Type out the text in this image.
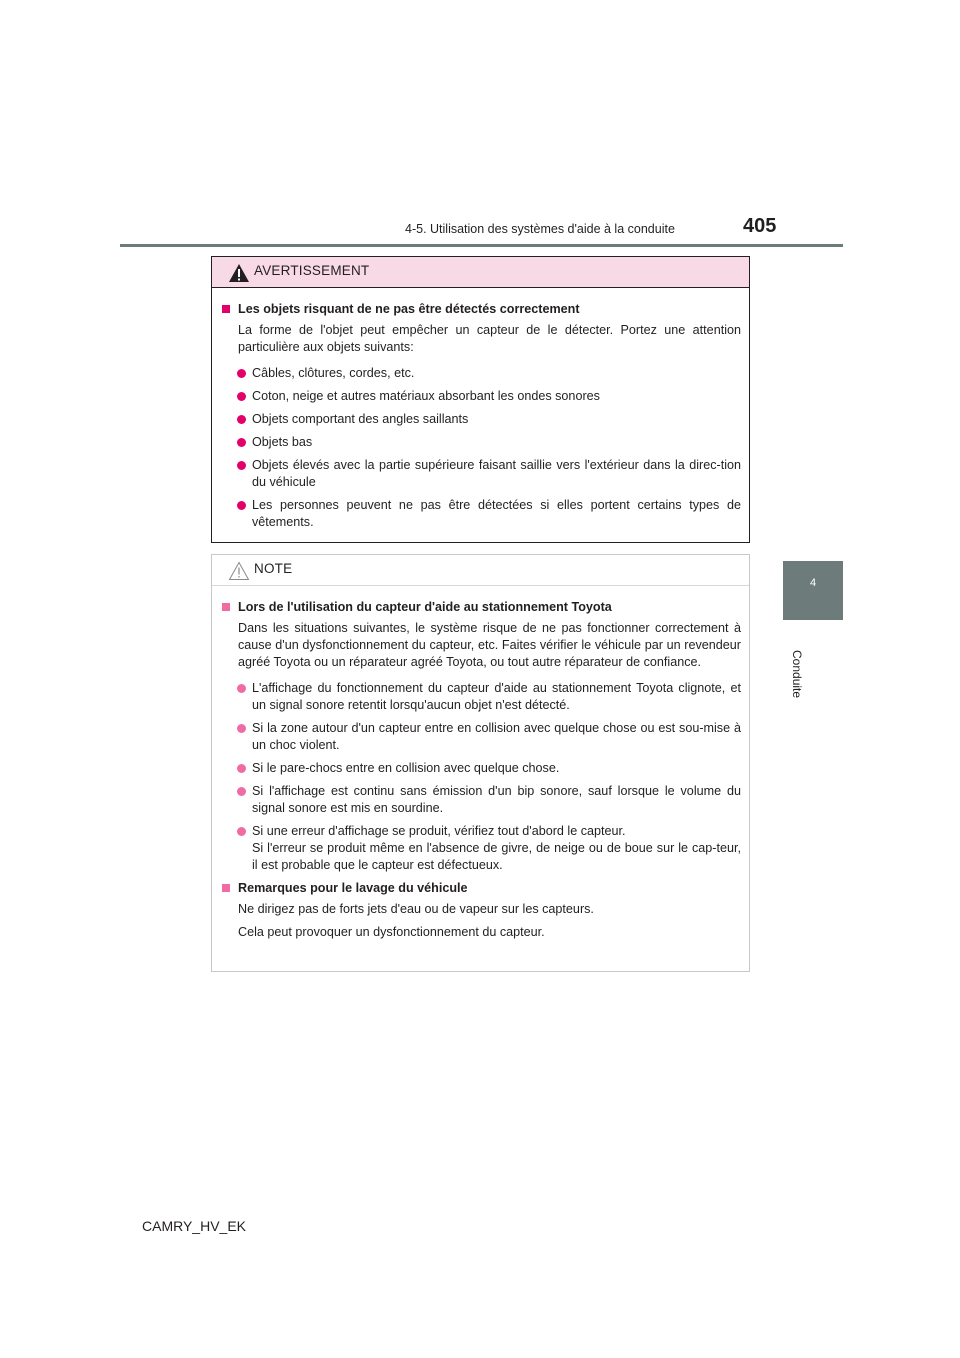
4-5. Utilisation des systèmes d'aide à la conduite	405
4
Conduite
AVERTISSEMENT
Les objets risquant de ne pas être détectés correctement
La forme de l'objet peut empêcher un capteur de le détecter. Portez une attention particulière aux objets suivants:
Câbles, clôtures, cordes, etc.
Coton, neige et autres matériaux absorbant les ondes sonores
Objets comportant des angles saillants
Objets bas
Objets élevés avec la partie supérieure faisant saillie vers l'extérieur dans la direc-tion du véhicule
Les personnes peuvent ne pas être détectées si elles portent certains types de vêtements.
NOTE
Lors de l'utilisation du capteur d'aide au stationnement Toyota
Dans les situations suivantes, le système risque de ne pas fonctionner correctement à cause d'un dysfonctionnement du capteur, etc. Faites vérifier le véhicule par un revendeur agréé Toyota ou un réparateur agréé Toyota, ou tout autre réparateur de confiance.
L'affichage du fonctionnement du capteur d'aide au stationnement Toyota clignote, et un signal sonore retentit lorsqu'aucun objet n'est détecté.
Si la zone autour d'un capteur entre en collision avec quelque chose ou est sou-mise à un choc violent.
Si le pare-chocs entre en collision avec quelque chose.
Si l'affichage est continu sans émission d'un bip sonore, sauf lorsque le volume du signal sonore est mis en sourdine.
Si une erreur d'affichage se produit, vérifiez tout d'abord le capteur.
Si l'erreur se produit même en l'absence de givre, de neige ou de boue sur le cap-teur, il est probable que le capteur est défectueux.
Remarques pour le lavage du véhicule
Ne dirigez pas de forts jets d'eau ou de vapeur sur les capteurs.
Cela peut provoquer un dysfonctionnement du capteur.
CAMRY_HV_EK
